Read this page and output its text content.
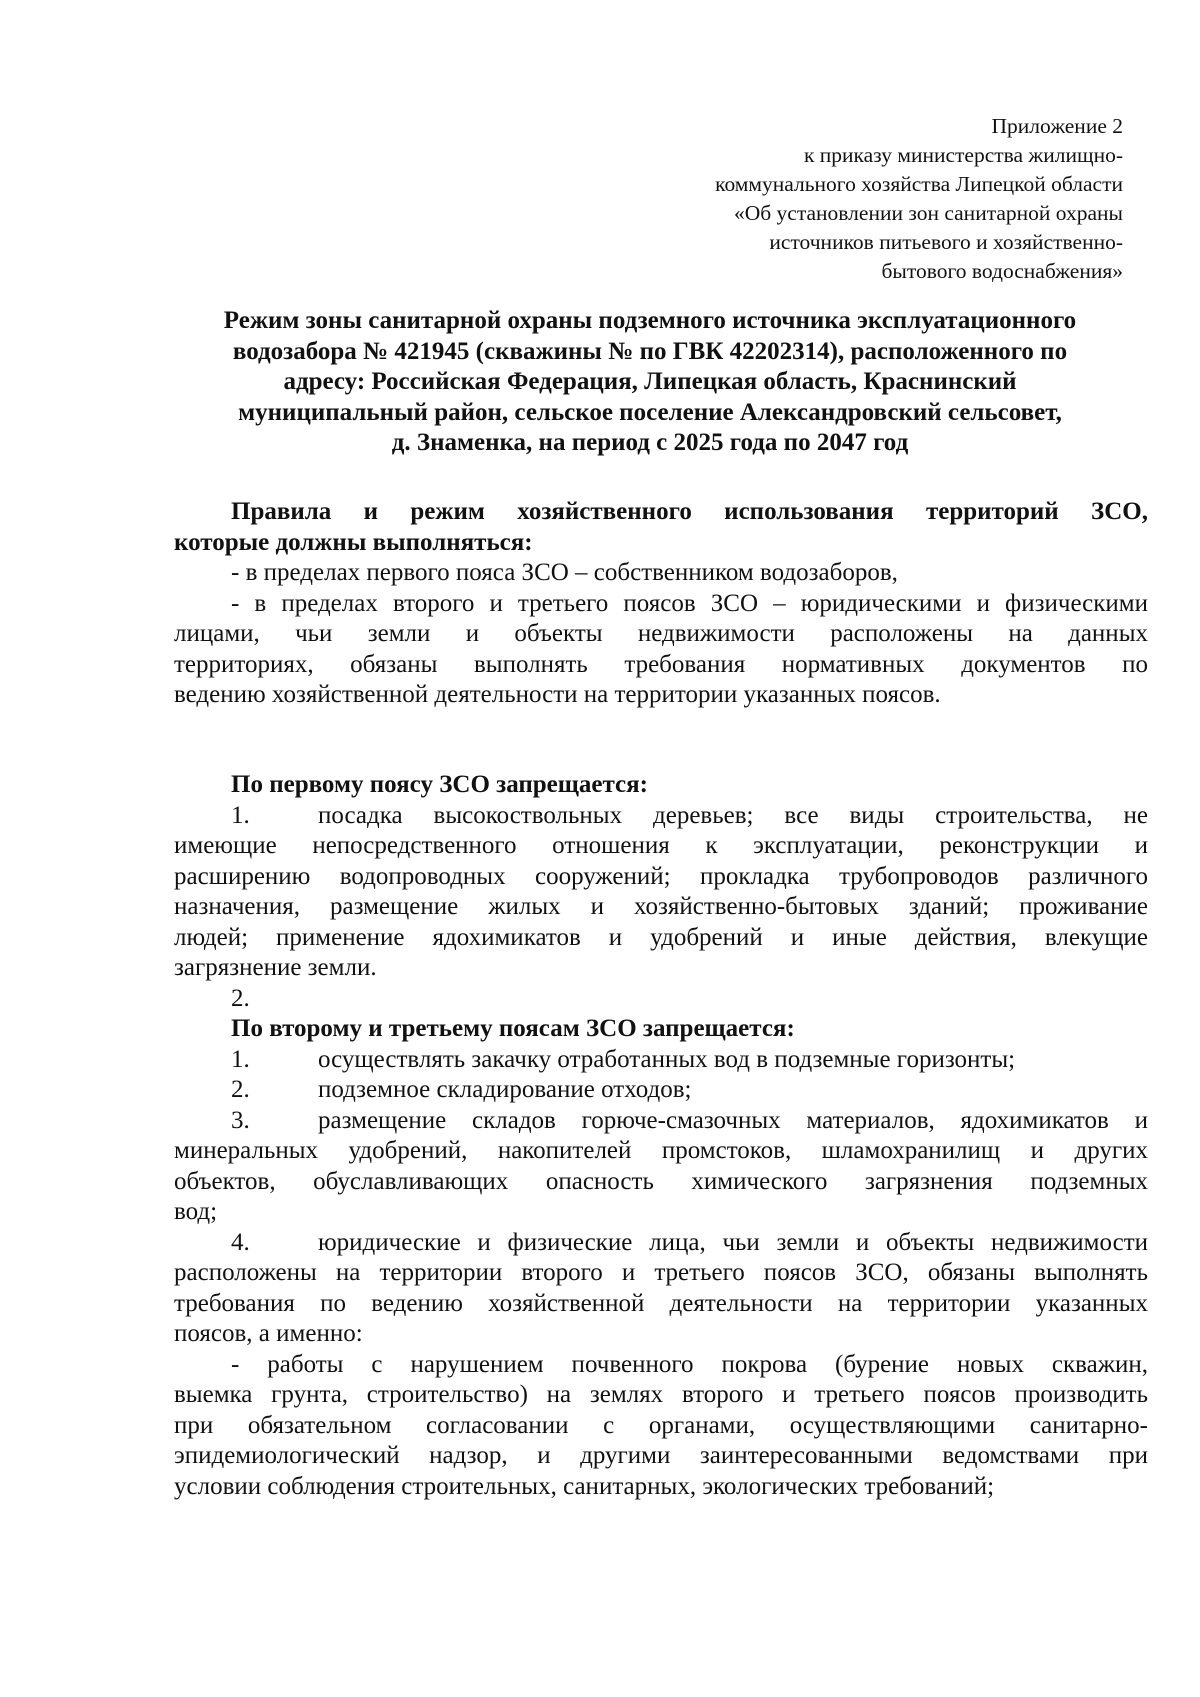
Приложение 2
к приказу министерства жилищно-
коммунального хозяйства Липецкой области
«Об установлении зон санитарной охраны
источников питьевого и хозяйственно-
бытового водоснабжения»
Режим зоны санитарной охраны подземного источника эксплуатационного
водозабора № 421945 (скважины № по ГВК 42202314), расположенного по
адресу: Российская Федерация, Липецкая область, Краснинский
муниципальный район, сельское поселение Александровский сельсовет,
д. Знаменка, на период с 2025 года по 2047 год
Правила и режим хозяйственного использования территорий ЗСО,
которые должны выполняться:
- в пределах первого пояса ЗСО – собственником водозаборов,
- в пределах второго и третьего поясов ЗСО – юридическими и физическими
лицами, чьи земли и объекты недвижимости расположены на данных
территориях, обязаны выполнять требования нормативных документов по
ведению хозяйственной деятельности на территории указанных поясов.
По первому поясу ЗСО запрещается:
1.	посадка высокоствольных деревьев; все виды строительства, не
имеющие непосредственного отношения к эксплуатации, реконструкции и
расширению водопроводных сооружений; прокладка трубопроводов различного
назначения, размещение жилых и хозяйственно-бытовых зданий; проживание
людей; применение ядохимикатов и удобрений и иные действия, влекущие
загрязнение земли.
2.
По второму и третьему поясам ЗСО запрещается:
1.	осуществлять закачку отработанных вод в подземные горизонты;
2.	подземное складирование отходов;
3.	размещение складов горюче-смазочных материалов, ядохимикатов и
минеральных удобрений, накопителей промстоков, шламохранилищ и других
объектов, обуславливающих опасность химического загрязнения подземных
вод;
4.	юридические и физические лица, чьи земли и объекты недвижимости
расположены на территории второго и третьего поясов ЗСО, обязаны выполнять
требования по ведению хозяйственной деятельности на территории указанных
поясов, а именно:
- работы с нарушением почвенного покрова (бурение новых скважин,
выемка грунта, строительство) на землях второго и третьего поясов производить
при обязательном согласовании с органами, осуществляющими санитарно-
эпидемиологический надзор, и другими заинтересованными ведомствами при
условии соблюдения строительных, санитарных, экологических требований;
